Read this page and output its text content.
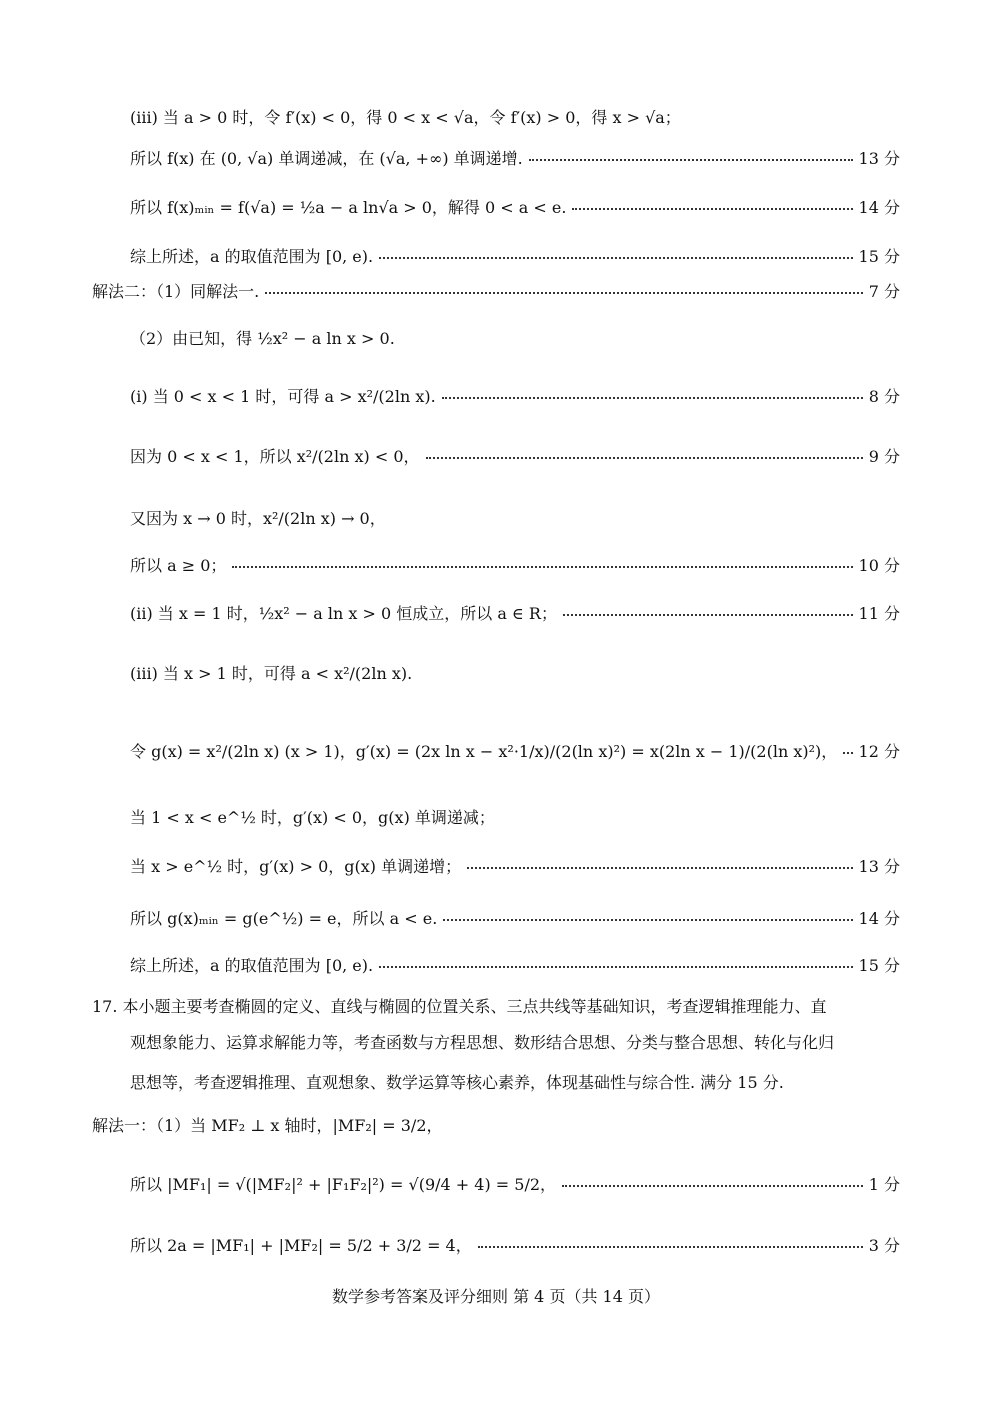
(iii) 当 a > 0 时，令 f′(x) < 0，得 0 < x < √a，令 f′(x) > 0，得 x > √a；
所以 f(x) 在 (0, √a) 单调递减，在 (√a, +∞) 单调递增.	13 分
所以 f(x)ₘᵢₙ = f(√a) = ½a − a ln√a > 0，解得 0 < a < e.	14 分
综上所述，a 的取值范围为 [0, e).	15 分
解法二：（1）同解法一.	7 分
（2）由已知，得 ½x² − a ln x > 0.
(i) 当 0 < x < 1 时，可得 a > x²/(2ln x).	8 分
因为 0 < x < 1，所以 x²/(2ln x) < 0，	9 分
又因为 x → 0 时，x²/(2ln x) → 0，
所以 a ≥ 0；	10 分
(ii) 当 x = 1 时，½x² − a ln x > 0 恒成立，所以 a ∈ R；	11 分
(iii) 当 x > 1 时，可得 a < x²/(2ln x).
令 g(x) = x²/(2ln x) (x > 1)，g′(x) = (2x ln x − x²·1/x)/(2(ln x)²) = x(2ln x − 1)/(2(ln x)²)， 12 分
当 1 < x < e^½ 时，g′(x) < 0，g(x) 单调递减；
当 x > e^½ 时，g′(x) > 0，g(x) 单调递增；	13 分
所以 g(x)ₘᵢₙ = g(e^½) = e，所以 a < e.	14 分
综上所述，a 的取值范围为 [0, e).	15 分
17. 本小题主要考查椭圆的定义、直线与椭圆的位置关系、三点共线等基础知识，考查逻辑推理能力、直
观想象能力、运算求解能力等，考查函数与方程思想、数形结合思想、分类与整合思想、转化与化归
思想等，考查逻辑推理、直观想象、数学运算等核心素养，体现基础性与综合性. 满分 15 分.
解法一：（1）当 MF₂ ⊥ x 轴时，|MF₂| = 3/2，
所以 |MF₁| = √(|MF₂|² + |F₁F₂|²) = √(9/4 + 4) = 5/2，	1 分
所以 2a = |MF₁| + |MF₂| = 5/2 + 3/2 = 4，	3 分
数学参考答案及评分细则 第 4 页（共 14 页）
